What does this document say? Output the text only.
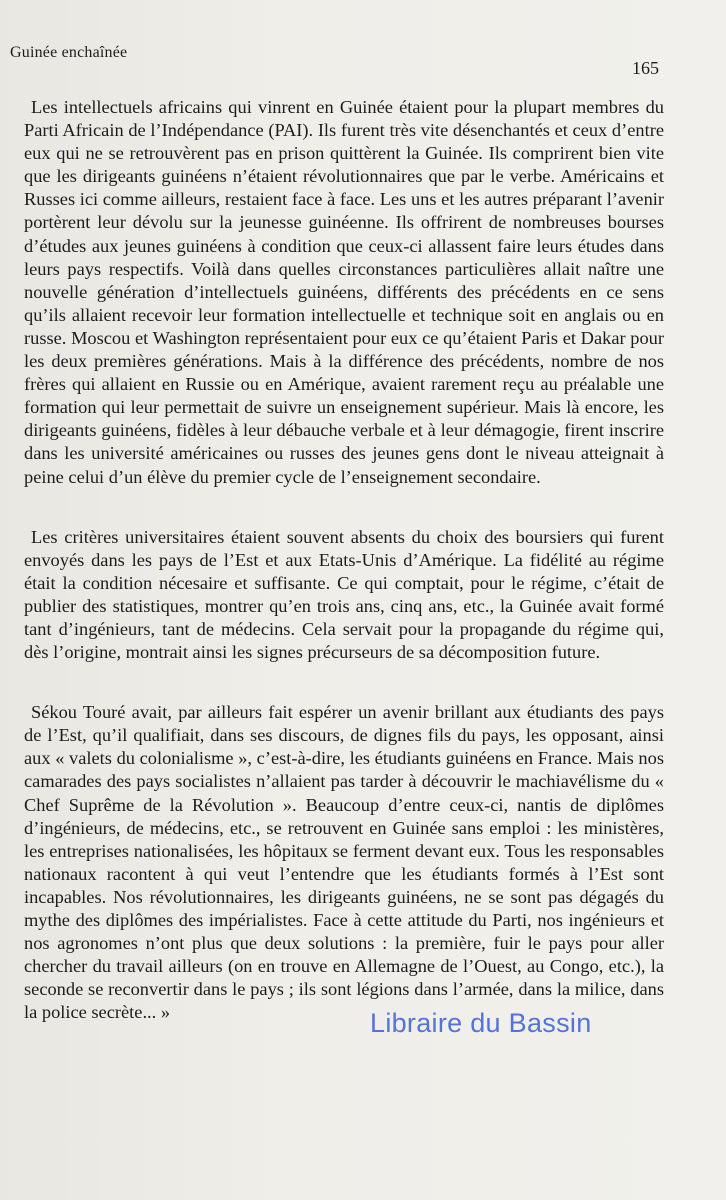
Guinée enchaînée

165

Les intellectuels africains qui vinrent en Guinée étaient pour la plupart membres du Parti Africain de l’Indépendance (PAI). Ils furent très vite désenchantés et ceux d’entre eux qui ne se retrouvèrent pas en prison quittèrent la Guinée. Ils comprirent bien vite que les dirigeants guinéens n’étaient révolutionnaires que par le verbe. Américains et Russes ici comme ailleurs, restaient face à face. Les uns et les autres préparant l’avenir portèrent leur dévolu sur la jeunesse guinéenne. Ils offrirent de nombreuses bourses d’études aux jeunes guinéens à condition que ceux-ci allassent faire leurs études dans leurs pays respectifs. Voilà dans quelles circonstances particulières allait naître une nouvelle génération d’intellectuels guinéens, différents des précédents en ce sens qu’ils allaient recevoir leur formation intellectuelle et technique soit en anglais ou en russe. Moscou et Washington représentaient pour eux ce qu’étaient Paris et Dakar pour les deux premières générations. Mais à la différence des précédents, nombre de nos frères qui allaient en Russie ou en Amérique, avaient rarement reçu au préalable une formation qui leur permettait de suivre un enseignement supérieur. Mais là encore, les dirigeants guinéens, fidèles à leur débauche verbale et à leur démagogie, firent inscrire dans les université américaines ou russes des jeunes gens dont le niveau atteignait à peine celui d’un élève du premier cycle de l’enseignement secondaire.

Les critères universitaires étaient souvent absents du choix des boursiers qui furent envoyés dans les pays de l’Est et aux Etats-Unis d’Amérique. La fidélité au régime était la condition nécesaire et suffisante. Ce qui comptait, pour le régime, c’était de publier des statistiques, montrer qu’en trois ans, cinq ans, etc., la Guinée avait formé tant d’ingénieurs, tant de médecins. Cela servait pour la propagande du régime qui, dès l’origine, montrait ainsi les signes précurseurs de sa décomposition future.

Sékou Touré avait, par ailleurs fait espérer un avenir brillant aux étudiants des pays de l’Est, qu’il qualifiait, dans ses discours, de dignes fils du pays, les opposant, ainsi aux « valets du colonialisme », c’est-à-dire, les étudiants guinéens en France. Mais nos camarades des pays socialistes n’allaient pas tarder à découvrir le machiavélisme du « Chef Suprême de la Révolution ». Beaucoup d’entre ceux-ci, nantis de diplômes d’ingénieurs, de médecins, etc., se retrouvent en Guinée sans emploi : les ministères, les entreprises nationalisées, les hôpitaux se ferment devant eux. Tous les responsables nationaux racontent à qui veut l’entendre que les étudiants formés à l’Est sont incapables. Nos révolutionnaires, les dirigeants guinéens, ne se sont pas dégagés du mythe des diplômes des impérialistes. Face à cette attitude du Parti, nos ingénieurs et nos agronomes n’ont plus que deux solutions : la première, fuir le pays pour aller chercher du travail ailleurs (on en trouve en Allemagne de l’Ouest, au Congo, etc.), la seconde se reconvertir dans le pays ; ils sont légions dans l’armée, dans la milice, dans la police secrète... »	Libraire du Bassin
